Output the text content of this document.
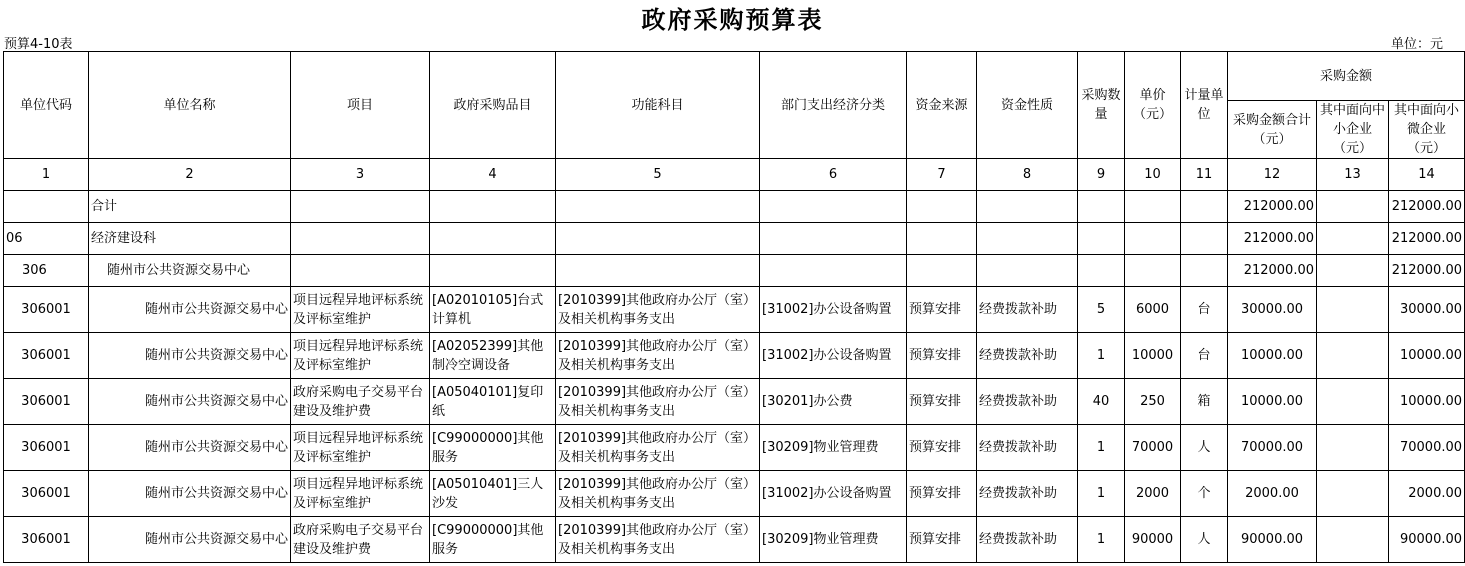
政府采购预算表
预算4-10表	单位：元
单位代码	单位名称	项目	政府采购品目	功能科目	部门支出经济分类	资金来源	资金性质	采购数量	单价（元）	计量单位	采购金额		
											采购金额合计（元）	其中面向中小企业（元）	其中面向小微企业（元）
1	2	3	4	5	6	7	8	9	10	11	12	13	14
	合计										212000.00		212000.00
06	经济建设科										212000.00		212000.00
306	随州市公共资源交易中心										212000.00		212000.00
306001	随州市公共资源交易中心	项目远程异地评标系统及评标室维护	[A02010105]台式计算机	[2010399]其他政府办公厅（室）及相关机构事务支出	[31002]办公设备购置	预算安排	经费拨款补助	5	6000	台	30000.00		30000.00
306001	随州市公共资源交易中心	项目远程异地评标系统及评标室维护	[A02052399]其他制冷空调设备	[2010399]其他政府办公厅（室）及相关机构事务支出	[31002]办公设备购置	预算安排	经费拨款补助	1	10000	台	10000.00		10000.00
306001	随州市公共资源交易中心	政府采购电子交易平台建设及维护费	[A05040101]复印纸	[2010399]其他政府办公厅（室）及相关机构事务支出	[30201]办公费	预算安排	经费拨款补助	40	250	箱	10000.00		10000.00
306001	随州市公共资源交易中心	项目远程异地评标系统及评标室维护	[C99000000]其他服务	[2010399]其他政府办公厅（室）及相关机构事务支出	[30209]物业管理费	预算安排	经费拨款补助	1	70000	人	70000.00		70000.00
306001	随州市公共资源交易中心	项目远程异地评标系统及评标室维护	[A05010401]三人沙发	[2010399]其他政府办公厅（室）及相关机构事务支出	[31002]办公设备购置	预算安排	经费拨款补助	1	2000	个	2000.00		2000.00
306001	随州市公共资源交易中心	政府采购电子交易平台建设及维护费	[C99000000]其他服务	[2010399]其他政府办公厅（室）及相关机构事务支出	[30209]物业管理费	预算安排	经费拨款补助	1	90000	人	90000.00		90000.00
